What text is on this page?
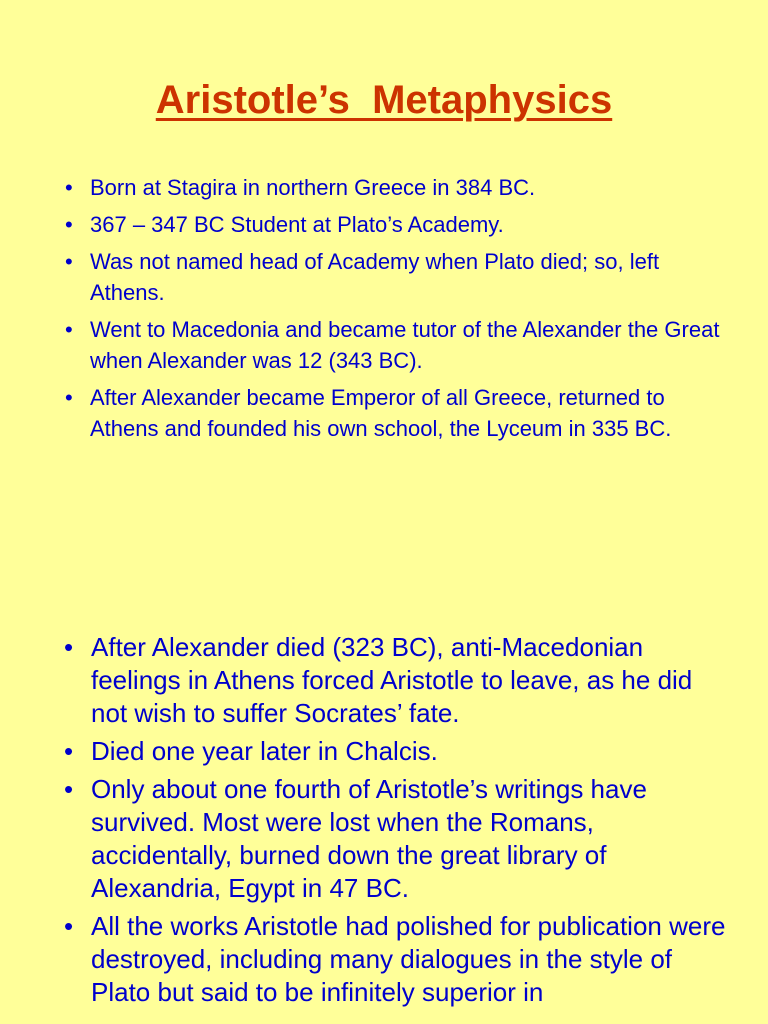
Aristotle’s  Metaphysics
• Born at Stagira in northern Greece in 384 BC.
• 367 – 347 BC Student at Plato’s Academy.
• Was not named head of Academy when Plato died; so, left Athens.
• Went to Macedonia and became tutor of the Alexander the Great when Alexander was 12 (343 BC).
• After Alexander became Emperor of all Greece, returned to Athens and founded his own school, the Lyceum in 335 BC.
• After Alexander died (323 BC), anti-Macedonian feelings in Athens forced Aristotle to leave, as he did not wish to suffer Socrates’ fate.
• Died one year later in Chalcis.
• Only about one fourth of Aristotle’s writings have survived. Most were lost when the Romans, accidentally, burned down the great library of Alexandria, Egypt in 47 BC.
• All the works Aristotle had polished for publication were destroyed, including many dialogues in the style of Plato but said to be infinitely superior in
